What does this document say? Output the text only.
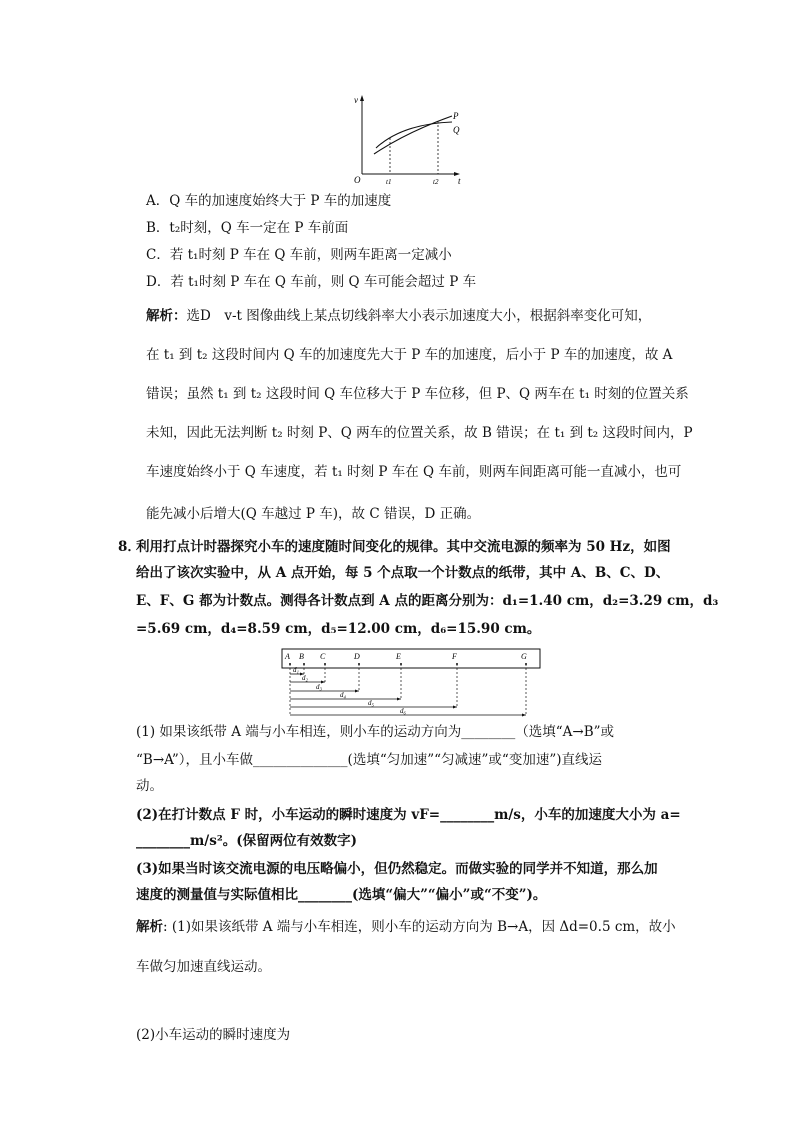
v
t
O
P
Q
t1	t2
A．Q 车的加速度始终大于 P 车的加速度
B．t₂时刻，Q 车一定在 P 车前面
C．若 t₁时刻 P 车在 Q 车前，则两车距离一定减小
D．若 t₁时刻 P 车在 Q 车前，则 Q 车可能会超过 P 车
解析：选D　v-t 图像曲线上某点切线斜率大小表示加速度大小，根据斜率变化可知，
在 t₁ 到 t₂ 这段时间内 Q 车的加速度先大于 P 车的加速度，后小于 P 车的加速度，故 A
错误；虽然 t₁ 到 t₂ 这段时间 Q 车位移大于 P 车位移，但 P、Q 两车在 t₁ 时刻的位置关系
未知，因此无法判断 t₂ 时刻 P、Q 两车的位置关系，故 B 错误；在 t₁ 到 t₂ 这段时间内，P
车速度始终小于 Q 车速度，若 t₁ 时刻 P 车在 Q 车前，则两车间距离可能一直减小，也可
能先减小后增大(Q 车越过 P 车)，故 C 错误，D 正确。
8．
利用打点计时器探究小车的速度随时间变化的规律。其中交流电源的频率为 50 Hz，如图
给出了该次实验中，从 A 点开始，每 5 个点取一个计数点的纸带，其中 A、B、C、D、
E、F、G 都为计数点。测得各计数点到 A 点的距离分别为：d₁=1.40 cm，d₂=3.29 cm，d₃
=5.69 cm，d₄=8.59 cm，d₅=12.00 cm，d₆=15.90 cm。
A B C	D	E	F	G
d₁
d₂
d₃
d₄
d₅
d₆
(1) 如果该纸带 A 端与小车相连，则小车的运动方向为________（选填“A→B”或
“B→A”），且小车做______________(选填“匀加速”“匀减速”或“变加速”)直线运
动。
(2)在打计数点 F 时，小车运动的瞬时速度为 vF=________m/s，小车的加速度大小为 a=
________m/s²。(保留两位有效数字)
(3)如果当时该交流电源的电压略偏小，但仍然稳定。而做实验的同学并不知道，那么加
速度的测量值与实际值相比________(选填“偏大”“偏小”或“不变”)。
解析: (1)如果该纸带 A 端与小车相连，则小车的运动方向为 B→A，因 Δd=0.5 cm，故小
车做匀加速直线运动。
(2)小车运动的瞬时速度为
